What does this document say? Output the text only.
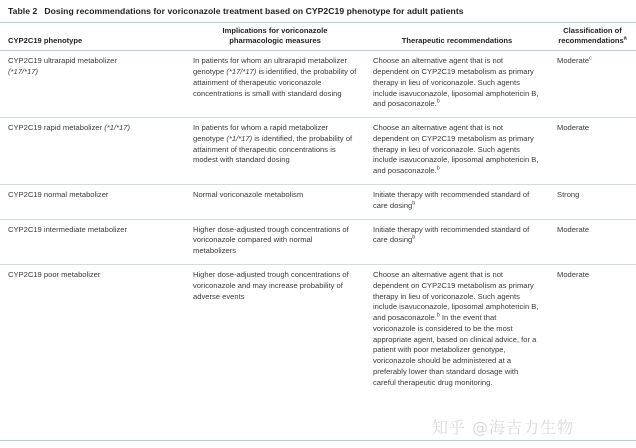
Table 2 Dosing recommendations for voriconazole treatment based on CYP2C19 phenotype for adult patients
CYP2C19 phenotype	Implications for voriconazole
pharmacologic measures	Therapeutic recommendations	Classification of
recommendations$^a$

CYP2C19 ultrarapid metabolizer
(*17/*17)	In patients for whom an ultrarapid metabolizer genotype (*17/*17) is identified, the probability of attainment of therapeutic voriconazole concentrations is small with standard dosing	Choose an alternative agent that is not dependent on CYP2C19 metabolism as primary therapy in lieu of voriconazole. Such agents include isavuconazole, liposomal amphotericin B, and posaconazole.$^b$	Moderate$^c$

CYP2C19 rapid metabolizer (*1/*17)	In patients for whom a rapid metabolizer genotype (*1/*17) is identified, the probability of attainment of therapeutic concentrations is modest with standard dosing	Choose an alternative agent that is not dependent on CYP2C19 metabolism as primary therapy in lieu of voriconazole. Such agents include isavuconazole, liposomal amphotericin B, and posaconazole.$^b$	Moderate

CYP2C19 normal metabolizer	Normal voriconazole metabolism	Initiate therapy with recommended standard of care dosing$^b$	Strong

CYP2C19 intermediate metabolizer	Higher dose-adjusted trough concentrations of voriconazole compared with normal metabolizers	Initiate therapy with recommended standard of care dosing$^b$	Moderate

CYP2C19 poor metabolizer	Higher dose-adjusted trough concentrations of voriconazole and may increase probability of adverse events	Choose an alternative agent that is not dependent on CYP2C19 metabolism as primary therapy in lieu of voriconazole. Such agents include isavuconazole, liposomal amphotericin B, and posaconazole.$^b$ In the event that voriconazole is considered to be the most appropriate agent, based on clinical advice, for a patient with poor metabolizer genotype, voriconazole should be administered at a preferably lower than standard dosage with careful therapeutic drug monitoring.	Moderate
知乎 @海吉力生物
